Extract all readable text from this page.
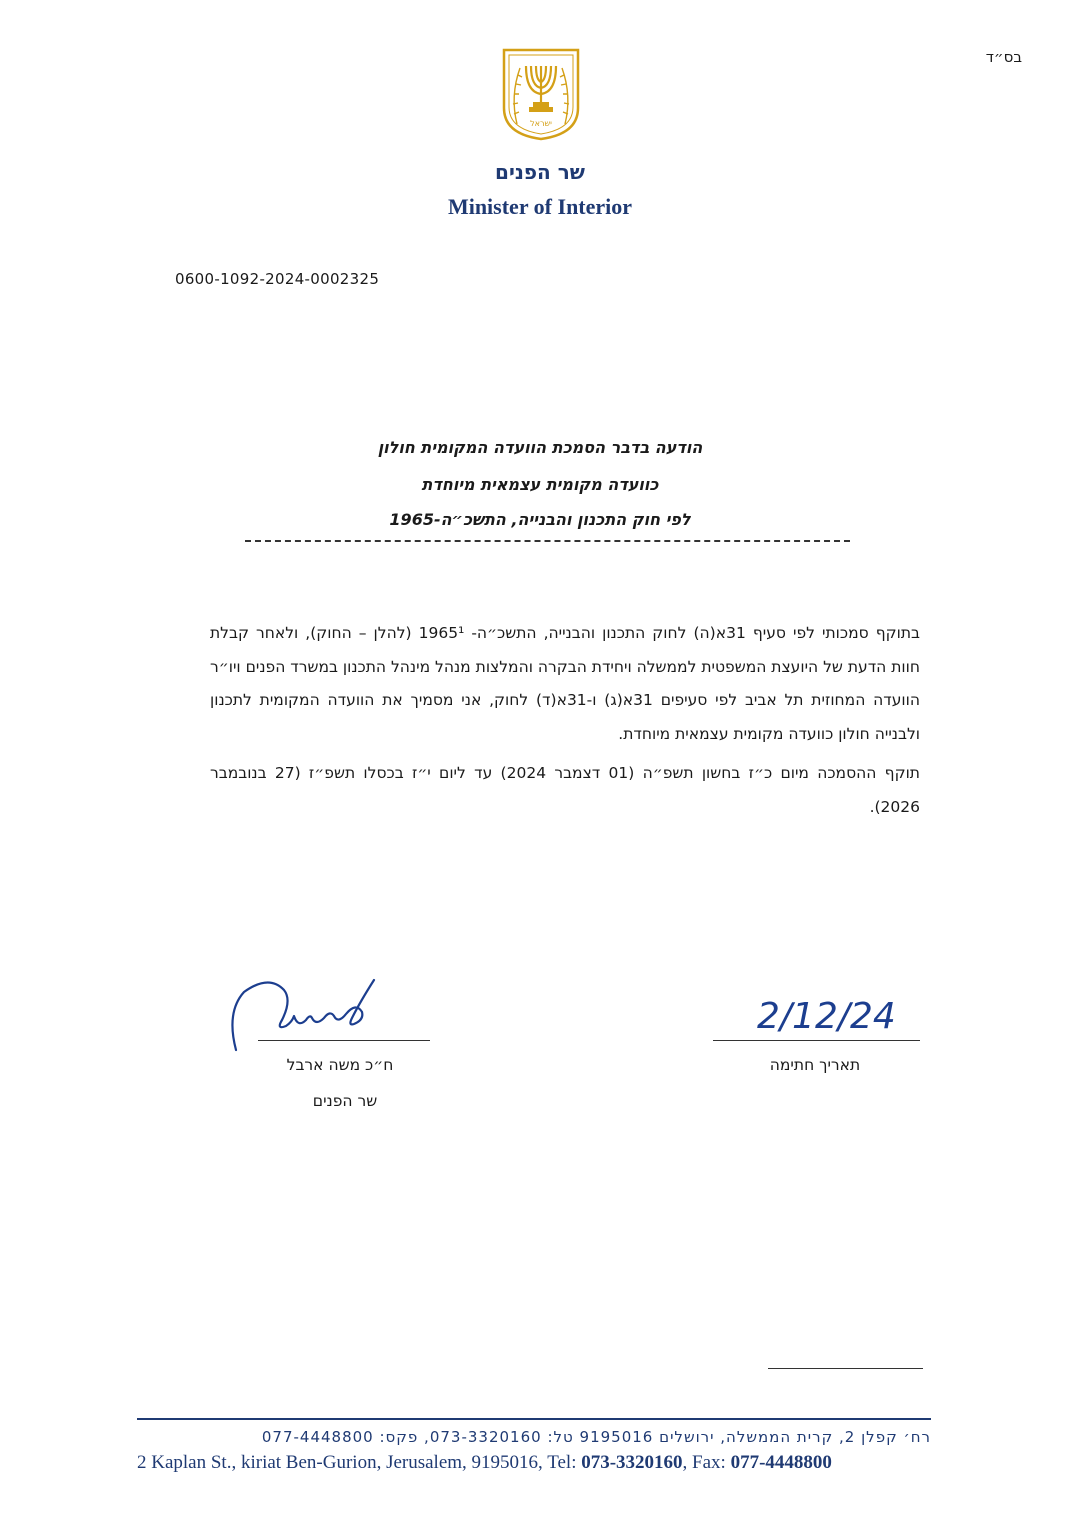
בס״ד
ישראל
שר הפנים
Minister of Interior
0600-1092-2024-0002325
הודעה בדבר הסמכת הוועדה המקומית חולון
כוועדה מקומית עצמאית מיוחדת
לפי חוק התכנון והבנייה, התשכ״ה-1965

בתוקף סמכותי לפי סעיף 31א(ה) לחוק התכנון והבנייה, התשכ״ה- 1965¹ (להלן – החוק), ולאחר קבלת חוות הדעת של היועצת המשפטית לממשלה ויחידת הבקרה והמלצות מנהל מינהל התכנון במשרד הפנים ויו״ר הוועדה המחוזית תל אביב לפי סעיפים 31א(ג) ו-31א(ד) לחוק, אני מסמיך את הוועדה המקומית לתכנון ולבנייה חולון כוועדה מקומית עצמאית מיוחדת.

תוקף ההסמכה מיום כ״ז בחשון תשפ״ה (01 דצמבר 2024) עד ליום י״ז בכסלו תשפ״ז (27 בנובמבר 2026).

ח״כ משה ארבל
שר הפנים
2/12/24
תאריך חתימה
רח׳ קפלן 2, קרית הממשלה, ירושלים 9195016 טל: 073-3320160, פקס: 077-4448800
2 Kaplan St., kiriat Ben-Gurion, Jerusalem, 9195016, Tel: 073-3320160, Fax: 077-4448800
